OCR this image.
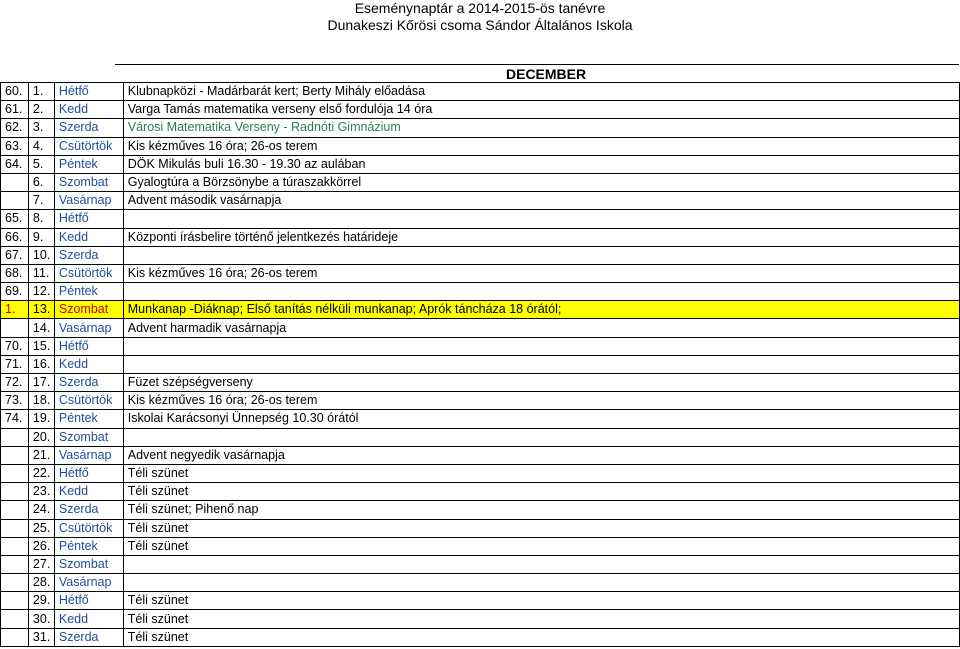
Eseménynaptár a 2014-2015-ös tanévre
Dunakeszi Kőrösi csoma Sándor Általános Iskola
DECEMBER
60.	1.	Hétfő	Klubnapközi - Madárbarát kert; Berty Mihály előadása
61.	2.	Kedd	Varga Tamás matematika verseny első fordulója 14 óra
62.	3.	Szerda	Városi Matematika Verseny - Radnóti Gimnázium
63.	4.	Csütörtök	Kis kézműves 16 óra; 26-os terem
64.	5.	Péntek	DÖK Mikulás buli 16.30 - 19.30 az aulában
	6.	Szombat	Gyalogtúra a Börzsönybe a túraszakkörrel
	7.	Vasárnap	Advent második vasárnapja
65.	8.	Hétfő	
66.	9.	Kedd	Központi írásbelire történő jelentkezés határideje
67.	10.	Szerda	
68.	11.	Csütörtök	Kis kézműves 16 óra; 26-os terem
69.	12.	Péntek	
1.	13.	Szombat	Munkanap -Diáknap; Első tanítás nélküli munkanap; Aprók táncháza 18 órától;
	14.	Vasárnap	Advent harmadik vasárnapja
70.	15.	Hétfő	
71.	16.	Kedd	
72.	17.	Szerda	Füzet szépségverseny
73.	18.	Csütörtök	Kis kézműves 16 óra; 26-os terem
74.	19.	Péntek	Iskolai Karácsonyi Ünnepség 10.30 órától
	20.	Szombat	
	21.	Vasárnap	Advent negyedik vasárnapja
	22.	Hétfő	Téli szünet
	23.	Kedd	Téli szünet
	24.	Szerda	Téli szünet; Pihenő nap
	25.	Csütörtök	Téli szünet
	26.	Péntek	Téli szünet
	27.	Szombat	
	28.	Vasárnap	
	29.	Hétfő	Téli szünet
	30.	Kedd	Téli szünet
	31.	Szerda	Téli szünet
